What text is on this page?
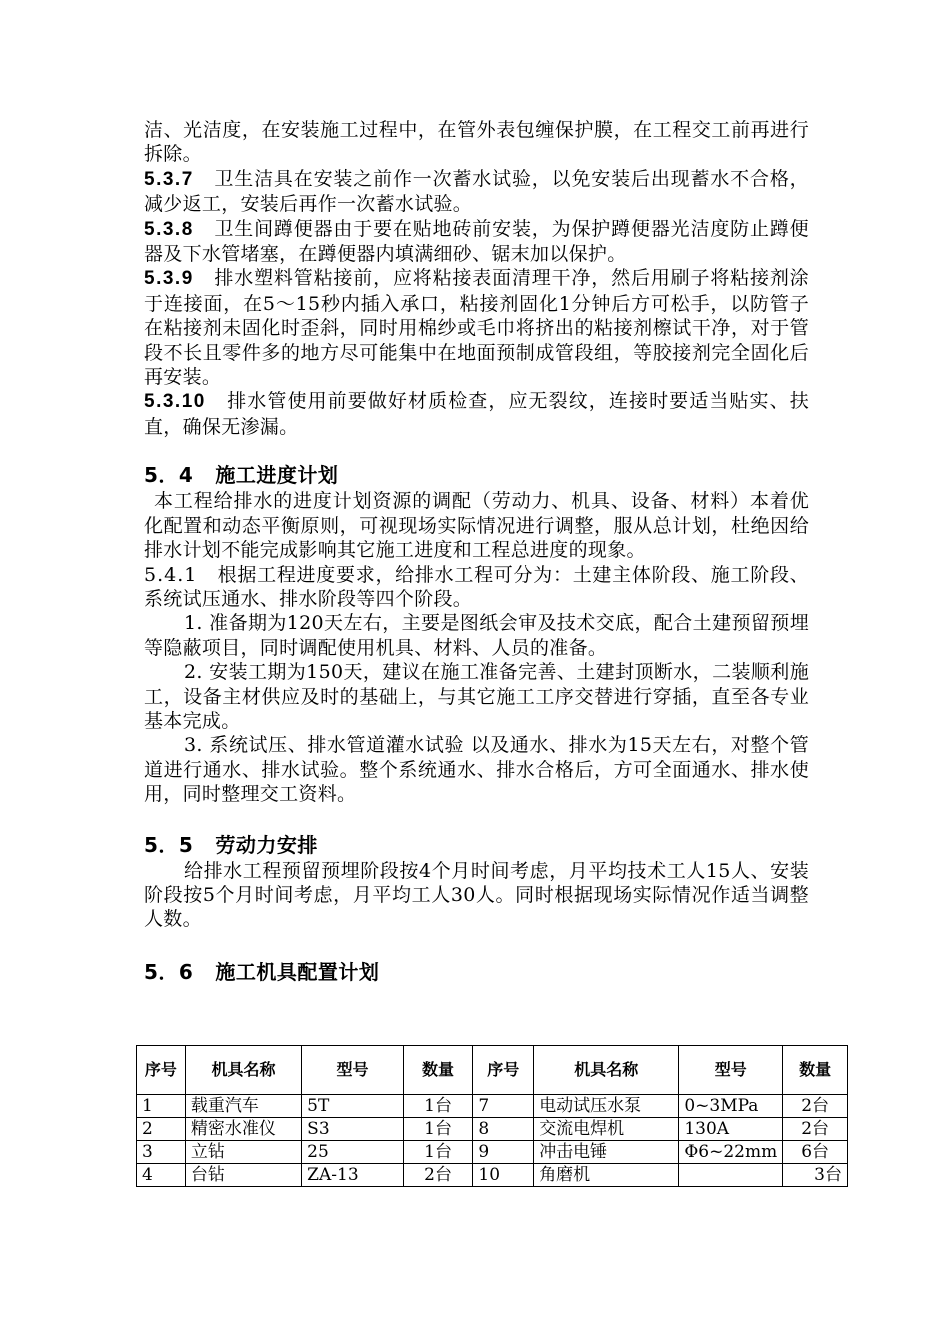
洁、光洁度，在安装施工过程中，在管外表包缠保护膜，在工程交工前再进行拆除。

5.3.7 卫生洁具在安装之前作一次蓄水试验，以免安装后出现蓄水不合格，减少返工，安装后再作一次蓄水试验。

5.3.8 卫生间蹲便器由于要在贴地砖前安装，为保护蹲便器光洁度防止蹲便器及下水管堵塞，在蹲便器内填满细砂、锯末加以保护。

5.3.9 排水塑料管粘接前，应将粘接表面清理干净，然后用刷子将粘接剂涂于连接面，在5～15秒内插入承口，粘接剂固化1分钟后方可松手，以防管子在粘接剂未固化时歪斜，同时用棉纱或毛巾将挤出的粘接剂檫试干净，对于管段不长且零件多的地方尽可能集中在地面预制成管段组，等胶接剂完全固化后再安装。

5.3.10 排水管使用前要做好材质检查，应无裂纹，连接时要适当贴实、扶直，确保无渗漏。

5．4 施工进度计划

本工程给排水的进度计划资源的调配（劳动力、机具、设备、材料）本着优化配置和动态平衡原则，可视现场实际情况进行调整，服从总计划，杜绝因给排水计划不能完成影响其它施工进度和工程总进度的现象。

5.4.1 根据工程进度要求，给排水工程可分为：土建主体阶段、施工阶段、系统试压通水、排水阶段等四个阶段。

1. 准备期为120天左右，主要是图纸会审及技术交底，配合土建预留预埋等隐蔽项目，同时调配使用机具、材料、人员的准备。

2. 安装工期为150天，建议在施工准备完善、土建封顶断水，二装顺利施工，设备主材供应及时的基础上，与其它施工工序交替进行穿插，直至各专业基本完成。

3. 系统试压、排水管道灌水试验 以及通水、排水为15天左右，对整个管道进行通水、排水试验。整个系统通水、排水合格后，方可全面通水、排水使用，同时整理交工资料。

5．5 劳动力安排

给排水工程预留预埋阶段按4个月时间考虑，月平均技术工人15人、安装阶段按5个月时间考虑，月平均工人30人。同时根据现场实际情况作适当调整人数。

5．6 施工机具配置计划
序号	机具名称	型号	数量	序号	机具名称	型号	数量
1	载重汽车	5T	1台	7	电动试压水泵	0~3MPa	2台
2	精密水准仪	S3	1台	8	交流电焊机	130A	2台
3	立钻	25	1台	9	冲击电锤	Φ6~22mm	6台
4	台钻	ZA-13	2台	10	角磨机		3台
